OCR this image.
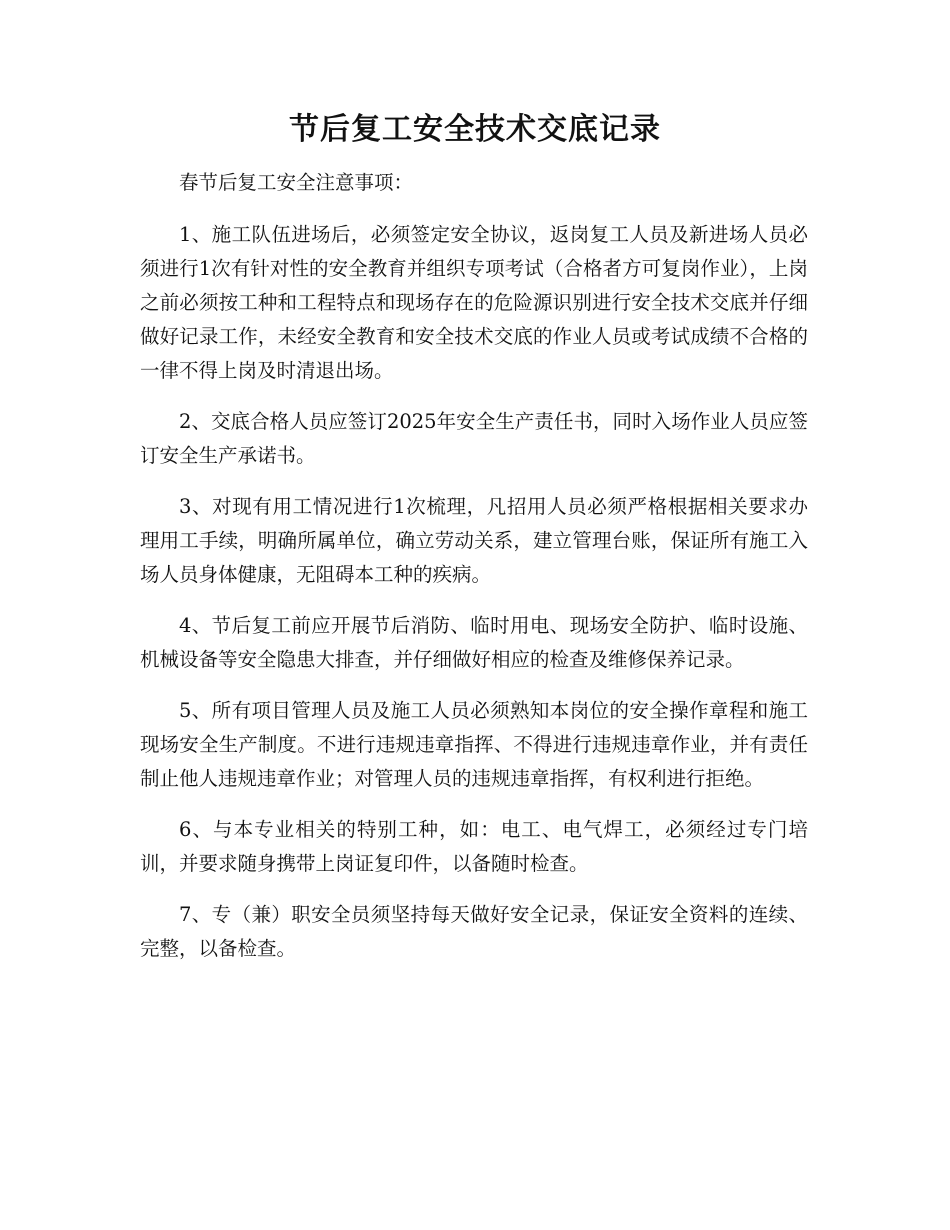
节后复工安全技术交底记录

春节后复工安全注意事项：

1、施工队伍进场后，必须签定安全协议，返岗复工人员及新进场人员必须进行1次有针对性的安全教育并组织专项考试（合格者方可复岗作业），上岗之前必须按工种和工程特点和现场存在的危险源识别进行安全技术交底并仔细做好记录工作，未经安全教育和安全技术交底的作业人员或考试成绩不合格的一律不得上岗及时清退出场。

2、交底合格人员应签订2025年安全生产责任书，同时入场作业人员应签订安全生产承诺书。

3、对现有用工情况进行1次梳理，凡招用人员必须严格根据相关要求办理用工手续，明确所属单位，确立劳动关系，建立管理台账，保证所有施工入场人员身体健康，无阻碍本工种的疾病。

4、节后复工前应开展节后消防、临时用电、现场安全防护、临时设施、机械设备等安全隐患大排查，并仔细做好相应的检查及维修保养记录。

5、所有项目管理人员及施工人员必须熟知本岗位的安全操作章程和施工现场安全生产制度。不进行违规违章指挥、不得进行违规违章作业，并有责任制止他人违规违章作业；对管理人员的违规违章指挥，有权利进行拒绝。

6、与本专业相关的特别工种，如：电工、电气焊工，必须经过专门培训，并要求随身携带上岗证复印件，以备随时检查。

7、专（兼）职安全员须坚持每天做好安全记录，保证安全资料的连续、完整，以备检查。
